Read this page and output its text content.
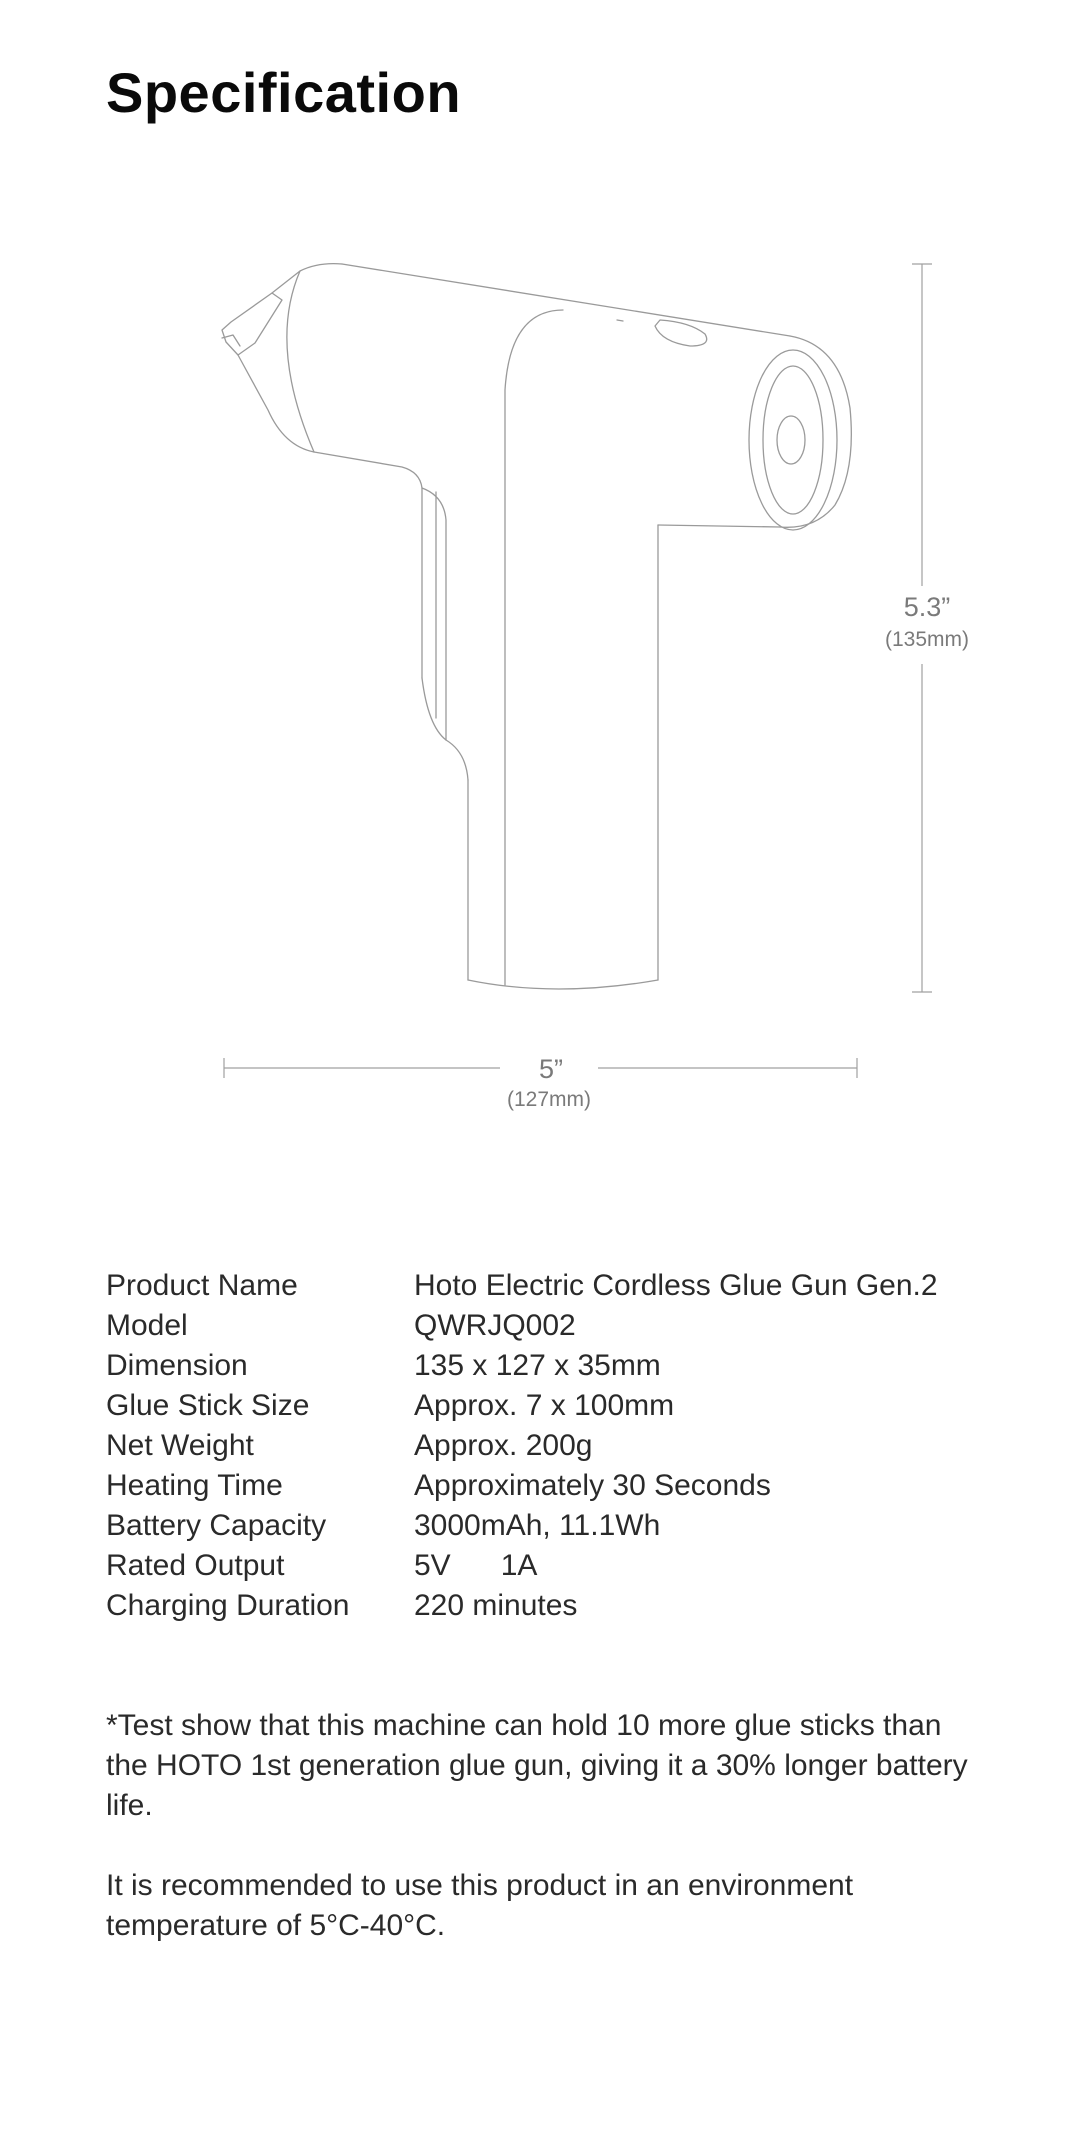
Specification
5.3”
(135mm)
5”
(127mm)
Product Name	Hoto Electric Cordless Glue Gun Gen.2
Model	QWRJQ002
Dimension	135 x 127 x 35mm
Glue Stick Size	Approx. 7 x 100mm
Net Weight	Approx. 200g
Heating Time	Approximately 30 Seconds
Battery Capacity	3000mAh, 11.1Wh
Rated Output	5V      1A
Charging Duration	220 minutes

*Test show that this machine can hold 10 more glue sticks than the HOTO 1st generation glue gun, giving it a 30% longer battery life.

It is recommended to use this product in an environment temperature of 5°C-40°C.
